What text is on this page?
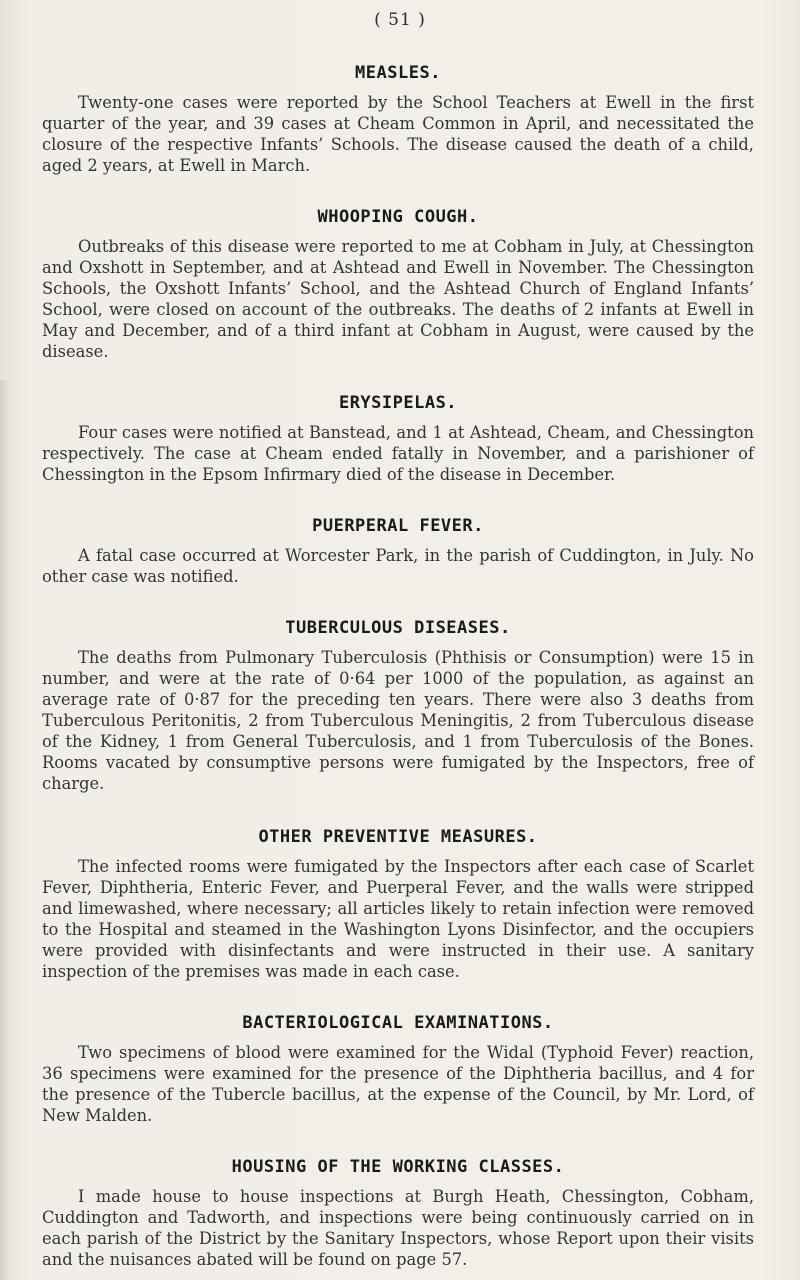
( 51 )
MEASLES.

Twenty-one cases were reported by the School Teachers at Ewell in the first quarter of the year, and 39 cases at Cheam Common in April, and necessitated the closure of the respective Infants’ Schools. The disease caused the death of a child, aged 2 years, at Ewell in March.

WHOOPING COUGH.

Outbreaks of this disease were reported to me at Cobham in July, at Chessington and Oxshott in September, and at Ashtead and Ewell in November. The Chessington Schools, the Oxshott Infants’ School, and the Ashtead Church of England Infants’ School, were closed on account of the outbreaks. The deaths of 2 infants at Ewell in May and December, and of a third infant at Cobham in August, were caused by the disease.

ERYSIPELAS.

Four cases were notified at Banstead, and 1 at Ashtead, Cheam, and Chessington respectively. The case at Cheam ended fatally in November, and a parishioner of Chessington in the Epsom Infirmary died of the disease in December.

PUERPERAL FEVER.

A fatal case occurred at Worcester Park, in the parish of Cuddington, in July. No other case was notified.

TUBERCULOUS DISEASES.

The deaths from Pulmonary Tuberculosis (Phthisis or Consumption) were 15 in number, and were at the rate of 0·64 per 1000 of the population, as against an average rate of 0·87 for the preceding ten years. There were also 3 deaths from Tuberculous Peritonitis, 2 from Tuberculous Meningitis, 2 from Tuberculous disease of the Kidney, 1 from General Tuberculosis, and 1 from Tuberculosis of the Bones. Rooms vacated by consumptive persons were fumigated by the Inspectors, free of charge.

OTHER PREVENTIVE MEASURES.

The infected rooms were fumigated by the Inspectors after each case of Scarlet Fever, Diphtheria, Enteric Fever, and Puerperal Fever, and the walls were stripped and limewashed, where necessary; all articles likely to retain infection were removed to the Hospital and steamed in the Washington Lyons Disinfector, and the occupiers were provided with disinfectants and were instructed in their use. A sanitary inspection of the premises was made in each case.

BACTERIOLOGICAL EXAMINATIONS.

Two specimens of blood were examined for the Widal (Typhoid Fever) reaction, 36 specimens were examined for the presence of the Diphtheria bacillus, and 4 for the presence of the Tubercle bacillus, at the expense of the Council, by Mr. Lord, of New Malden.

HOUSING OF THE WORKING CLASSES.

I made house to house inspections at Burgh Heath, Chessington, Cobham, Cuddington and Tadworth, and inspections were being continuously carried on in each parish of the District by the Sanitary Inspectors, whose Report upon their visits and the nuisances abated will be found on page 57.
